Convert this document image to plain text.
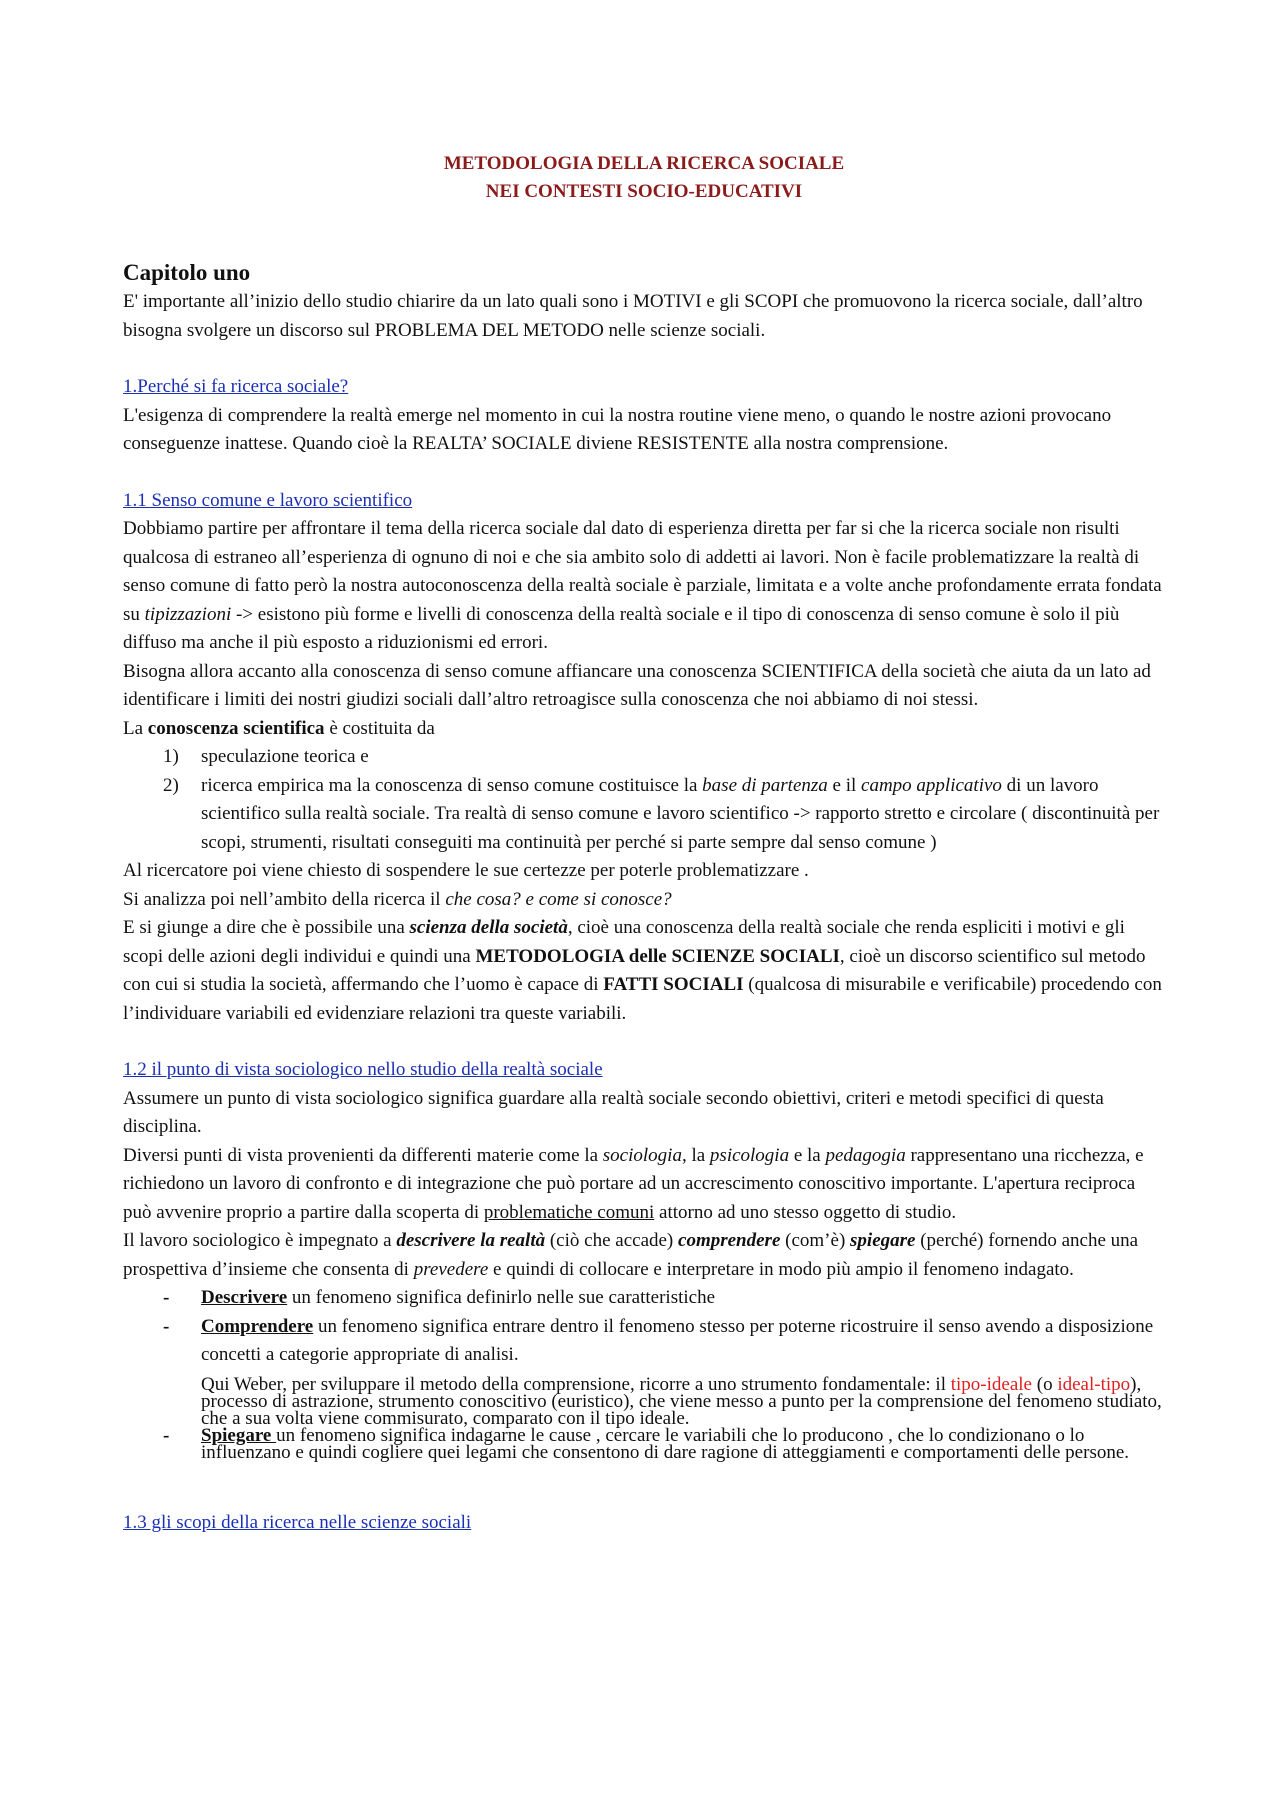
METODOLOGIA DELLA RICERCA SOCIALE
NEI CONTESTI SOCIO-EDUCATIVI
Capitolo uno
E' importante all’inizio dello studio chiarire da un lato quali sono i MOTIVI e gli SCOPI che promuovono la ricerca sociale, dall’altro bisogna svolgere un discorso sul PROBLEMA DEL METODO nelle scienze sociali.
1.Perché si fa ricerca sociale?
L'esigenza di comprendere la realtà emerge nel momento in cui la nostra routine viene meno, o quando le nostre azioni provocano conseguenze inattese. Quando cioè la REALTA’ SOCIALE diviene RESISTENTE alla nostra comprensione.
1.1 Senso comune e lavoro scientifico
Dobbiamo partire per affrontare il tema della ricerca sociale dal dato di esperienza diretta per far si che la ricerca sociale non risulti qualcosa di estraneo all’esperienza di ognuno di noi e che sia ambito solo di addetti ai lavori. Non è facile problematizzare la realtà di senso comune di fatto però la nostra autoconoscenza della realtà sociale è parziale, limitata e a volte anche profondamente errata fondata su tipizzazioni -> esistono più forme e livelli di conoscenza della realtà sociale e il tipo di conoscenza di senso comune è solo il più diffuso ma anche il più esposto a riduzionismi ed errori.
Bisogna allora accanto alla conoscenza di senso comune affiancare una conoscenza SCIENTIFICA della società che aiuta da un lato ad identificare i limiti dei nostri giudizi sociali dall’altro retroagisce sulla conoscenza che noi abbiamo di noi stessi.
La conoscenza scientifica è costituita da
1)	speculazione teorica e
2)	ricerca empirica ma la conoscenza di senso comune costituisce la base di partenza e il campo applicativo di un lavoro scientifico sulla realtà sociale. Tra realtà di senso comune e lavoro scientifico -> rapporto stretto e circolare ( discontinuità per scopi, strumenti, risultati conseguiti ma continuità per perché si parte sempre dal senso comune )
Al ricercatore poi viene chiesto di sospendere le sue certezze per poterle problematizzare .
Si analizza poi nell’ambito della ricerca il che cosa? e come si conosce?
E si giunge a dire che è possibile una scienza della società, cioè una conoscenza della realtà sociale che renda espliciti i motivi e gli scopi delle azioni degli individui e quindi una METODOLOGIA delle SCIENZE SOCIALI, cioè un discorso scientifico sul metodo con cui si studia la società, affermando che l’uomo è capace di FATTI SOCIALI (qualcosa di misurabile e verificabile) procedendo con l’individuare variabili ed evidenziare relazioni tra queste variabili.
1.2 il punto di vista sociologico nello studio della realtà sociale
Assumere un punto di vista sociologico significa guardare alla realtà sociale secondo obiettivi, criteri e metodi specifici di questa disciplina.
Diversi punti di vista provenienti da differenti materie come la sociologia, la psicologia e la pedagogia rappresentano una ricchezza, e richiedono un lavoro di confronto e di integrazione che può portare ad un accrescimento conoscitivo importante. L'apertura reciproca può avvenire proprio a partire dalla scoperta di problematiche comuni attorno ad uno stesso oggetto di studio.
Il lavoro sociologico è impegnato a descrivere la realtà (ciò che accade) comprendere (com’è) spiegare (perché) fornendo anche una prospettiva d’insieme che consenta di prevedere e quindi di collocare e interpretare in modo più ampio il fenomeno indagato.
-	Descrivere un fenomeno significa definirlo nelle sue caratteristiche
-	Comprendere un fenomeno significa entrare dentro il fenomeno stesso per poterne ricostruire il senso avendo a disposizione concetti a categorie appropriate di analisi.
Qui Weber, per sviluppare il metodo della comprensione, ricorre a uno strumento fondamentale: il tipo-ideale (o ideal-tipo), processo di astrazione, strumento conoscitivo (euristico), che viene messo a punto per la comprensione del fenomeno studiato, che a sua volta viene commisurato, comparato con il tipo ideale.
-	Spiegare un fenomeno significa indagarne le cause , cercare le variabili che lo producono , che lo condizionano o lo influenzano e quindi cogliere quei legami che consentono di dare ragione di atteggiamenti e comportamenti delle persone.
1.3 gli scopi della ricerca nelle scienze sociali
